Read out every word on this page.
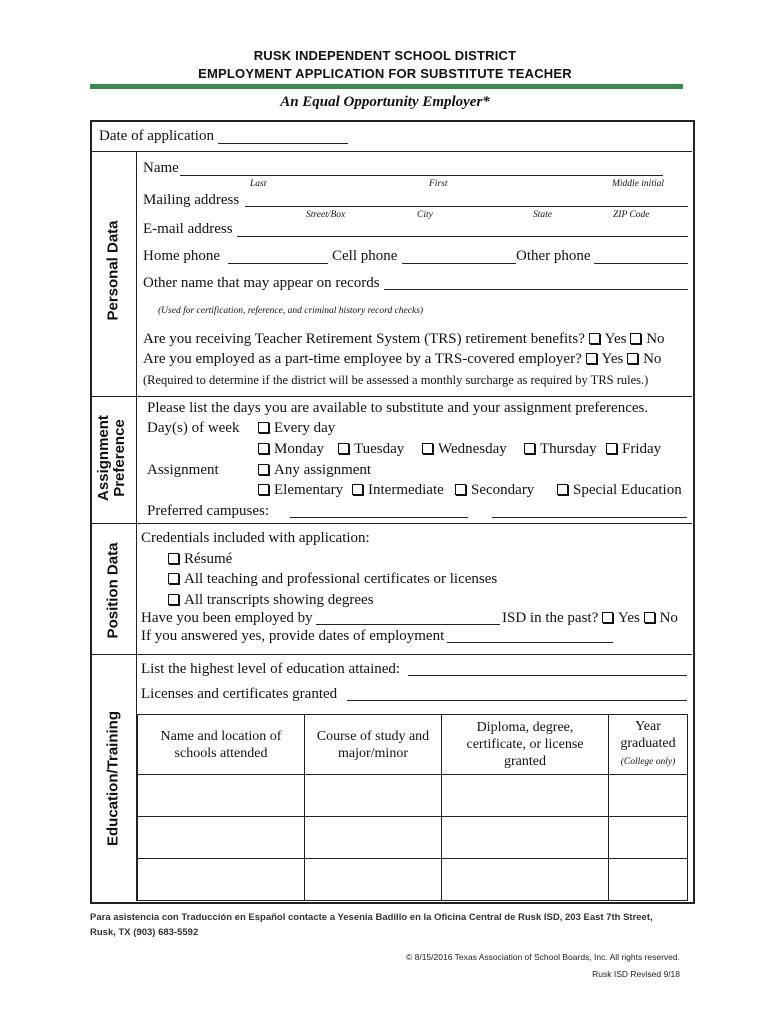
RUSK INDEPENDENT SCHOOL DISTRICT
EMPLOYMENT APPLICATION FOR SUBSTITUTE TEACHER
An Equal Opportunity Employer*
Date of application
Personal Data
Assignment
Preference
Position Data
Education/Training
Name
Last	First	Middle initial
Mailing address
Street/Box	City	State	ZIP Code
E-mail address
Home phone	Cell phone	Other phone
Other name that may appear on records
(Used for certification, reference, and criminal history record checks)
Are you receiving Teacher Retirement System (TRS) retirement benefits? Yes No
Are you employed as a part-time employee by a TRS-covered employer? Yes No
(Required to determine if the district will be assessed a monthly surcharge as required by TRS rules.)
Please list the days you are available to substitute and your assignment preferences.
Day(s) of week	Every day
Monday	Tuesday	Wednesday	Thursday	Friday
Assignment	Any assignment
Elementary	Intermediate	Secondary	Special Education
Preferred campuses:
Credentials included with application:
Résumé
All teaching and professional certificates or licenses
All transcripts showing degrees
Have you been employed by	ISD in the past? Yes No
If you answered yes, provide dates of employment
List the highest level of education attained:
Licenses and certificates granted
Name and location of
schools attended	Course of study and
major/minor	Diploma, degree,
certificate, or license
granted	Year
graduated
(College only)

Para asistencia con Traducción en Español contacte a Yesenia Badillo en la Oficina Central de Rusk ISD, 203 East 7th Street,
Rusk, TX (903) 683-5592
© 8/15/2016 Texas Association of School Boards, Inc. All rights reserved.
Rusk ISD Revised 9/18
